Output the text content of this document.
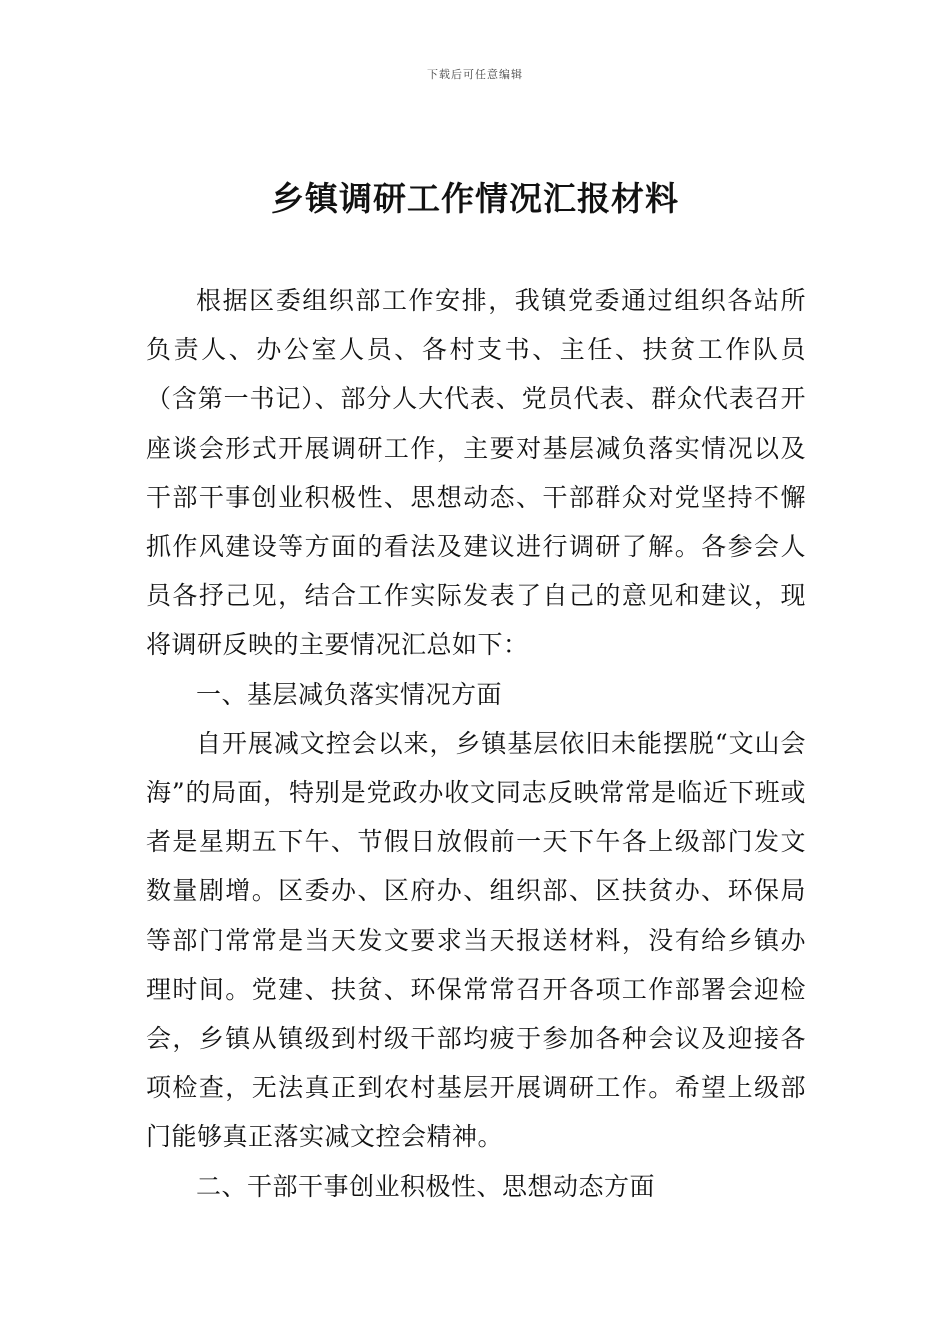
下载后可任意编辑
乡镇调研工作情况汇报材料

根据区委组织部工作安排，我镇党委通过组织各站所负责人、办公室人员、各村支书、主任、扶贫工作队员（含第一书记）、部分人大代表、党员代表、群众代表召开座谈会形式开展调研工作，主要对基层减负落实情况以及干部干事创业积极性、思想动态、干部群众对党坚持不懈抓作风建设等方面的看法及建议进行调研了解。各参会人员各抒己见，结合工作实际发表了自己的意见和建议，现将调研反映的主要情况汇总如下：

一、基层减负落实情况方面

自开展减文控会以来，乡镇基层依旧未能摆脱“文山会海”的局面，特别是党政办收文同志反映常常是临近下班或者是星期五下午、节假日放假前一天下午各上级部门发文数量剧增。区委办、区府办、组织部、区扶贫办、环保局等部门常常是当天发文要求当天报送材料，没有给乡镇办理时间。党建、扶贫、环保常常召开各项工作部署会迎检会，乡镇从镇级到村级干部均疲于参加各种会议及迎接各项检查，无法真正到农村基层开展调研工作。希望上级部门能够真正落实减文控会精神。

二、干部干事创业积极性、思想动态方面
